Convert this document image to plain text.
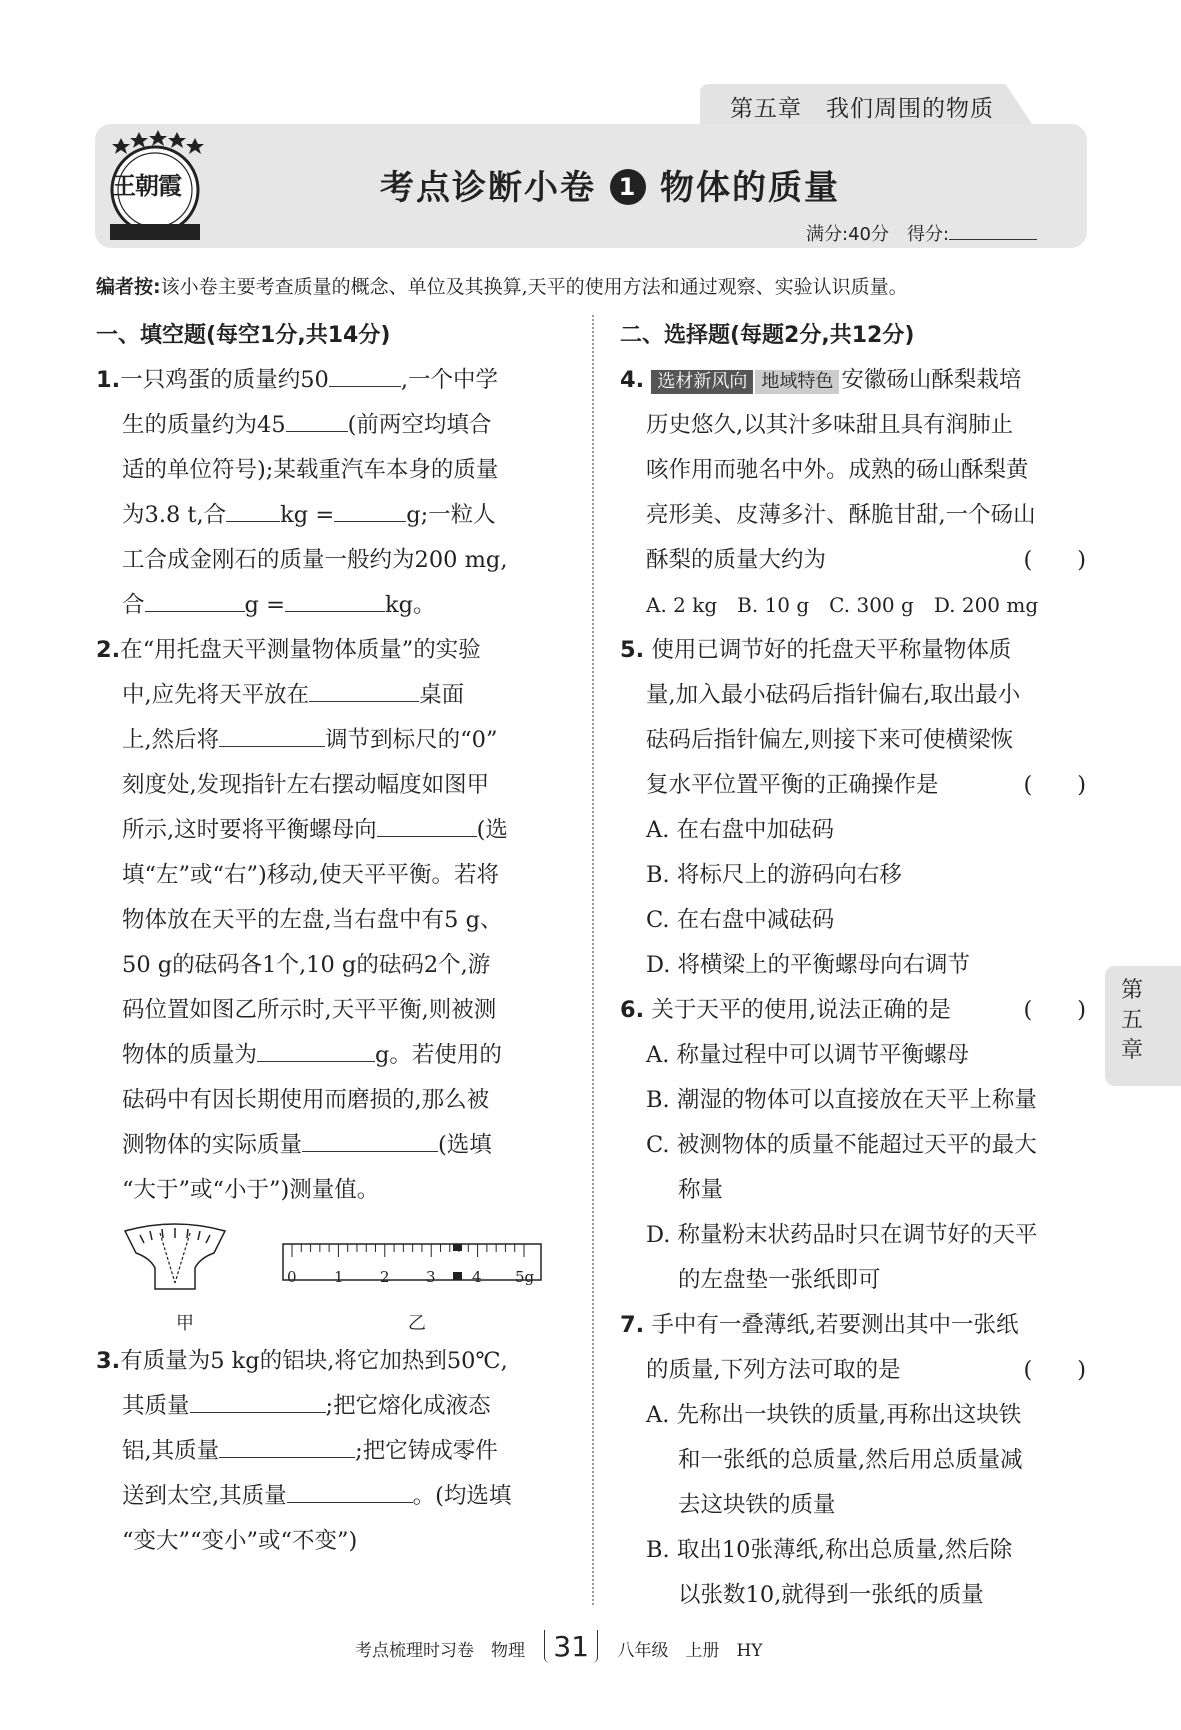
第五章　我们周围的物质
王朝霞	考点诊断小卷 1 物体的质量
满分:40分　得分:
编者按:该小卷主要考查质量的概念、单位及其换算,天平的使用方法和通过观察、实验认识质量。
一、填空题(每空1分,共14分)
1.一只鸡蛋的质量约50	,一个中学
生的质量约为45	(前两空均填合
适的单位符号);某载重汽车本身的质量
为3.8 t,合 kg =	g;一粒人
工合成金刚石的质量一般约为200 mg,
合	g =	kg。
2.在“用托盘天平测量物体质量”的实验
中,应先将天平放在	桌面
上,然后将	调节到标尺的“0”
刻度处,发现指针左右摆动幅度如图甲
所示,这时要将平衡螺母向	(选
填“左”或“右”)移动,使天平平衡。若将
物体放在天平的左盘,当右盘中有5 g、
50 g的砝码各1个,10 g的砝码2个,游
码位置如图乙所示时,天平平衡,则被测
物体的质量为	g。若使用的
砝码中有因长期使用而磨损的,那么被
测物体的实际质量	(选填
“大于”或“小于”)测量值。
甲
0 1 2 3 4 5g
乙
3.有质量为5 kg的铝块,将它加热到50℃,
其质量	;把它熔化成液态
铝,其质量	;把它铸成零件
送到太空,其质量	。(均选填
“变大”“变小”或“不变”)
二、选择题(每题2分,共12分)
4. 选材新风向 地域特色 安徽砀山酥梨栽培
历史悠久,以其汁多味甜且具有润肺止
咳作用而驰名中外。成熟的砀山酥梨黄
亮形美、皮薄多汁、酥脆甘甜,一个砀山
酥梨的质量大约为	(　　)
A. 2 kg　B. 10 g　C. 300 g　D. 200 mg
5. 使用已调节好的托盘天平称量物体质
量,加入最小砝码后指针偏右,取出最小
砝码后指针偏左,则接下来可使横梁恢
复水平位置平衡的正确操作是	(　　)
A. 在右盘中加砝码
B. 将标尺上的游码向右移
C. 在右盘中减砝码
D. 将横梁上的平衡螺母向右调节
6. 关于天平的使用,说法正确的是	(　　)
A. 称量过程中可以调节平衡螺母
B. 潮湿的物体可以直接放在天平上称量
C. 被测物体的质量不能超过天平的最大
称量
D. 称量粉末状药品时只在调节好的天平
的左盘垫一张纸即可
7. 手中有一叠薄纸,若要测出其中一张纸
的质量,下列方法可取的是	(　　)
A. 先称出一块铁的质量,再称出这块铁
和一张纸的总质量,然后用总质量减
去这块铁的质量
B. 取出10张薄纸,称出总质量,然后除
以张数10,就得到一张纸的质量
第
五
章
考点梳理时习卷　物理 31 八年级　上册　HY
